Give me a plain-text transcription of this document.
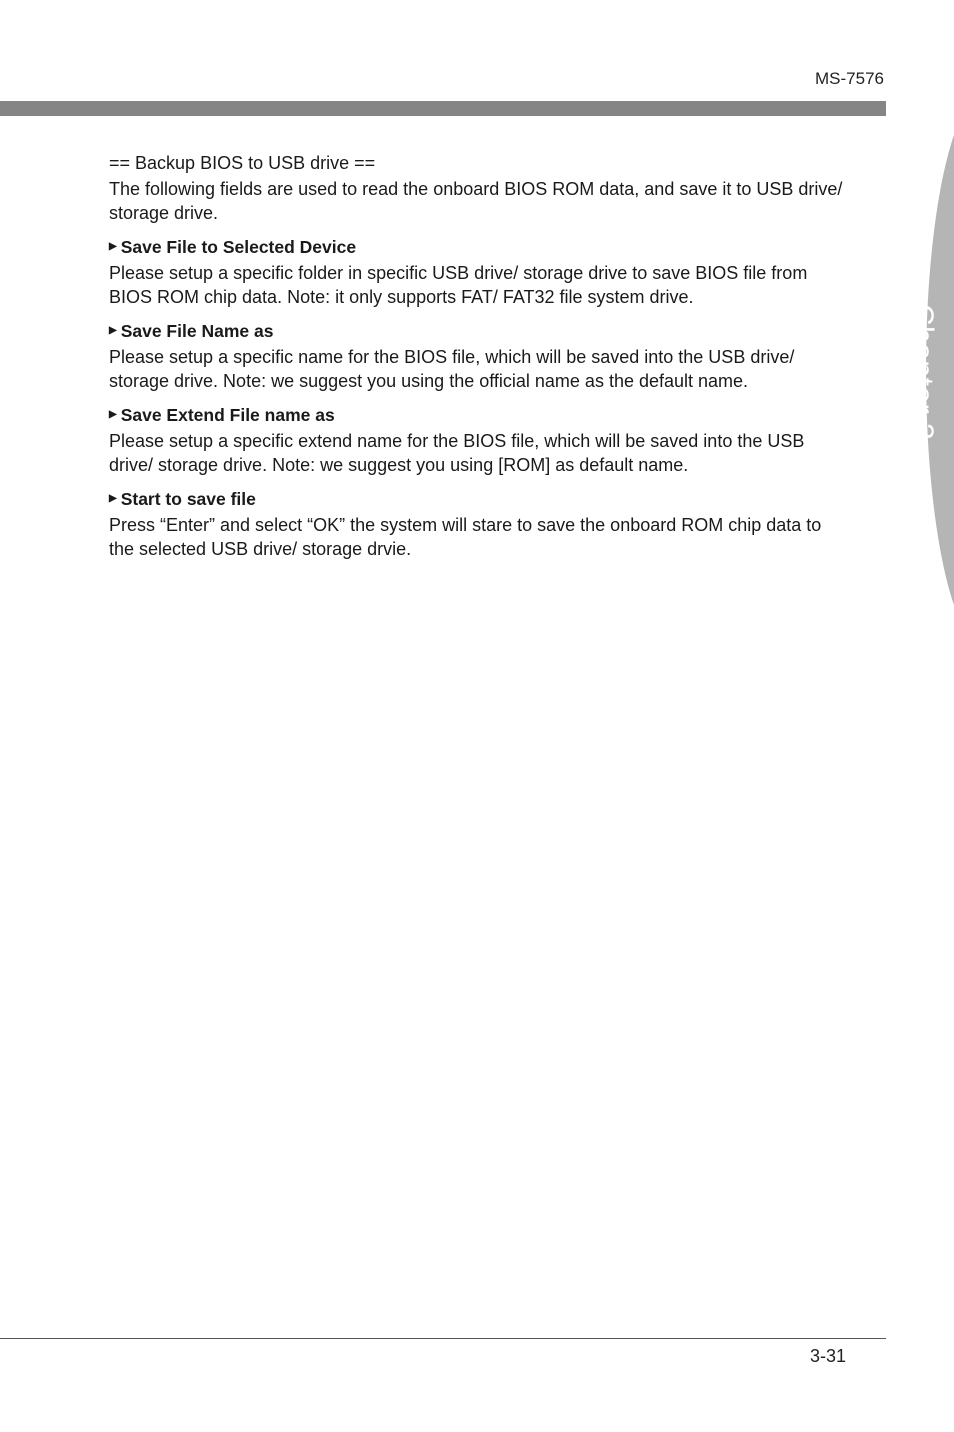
MS-7576
Chapter 3
== Backup BIOS to USB drive ==
The following fields are used to read the onboard BIOS ROM data, and save it to USB drive/ storage drive.
▶ Save File to Selected Device
Please setup a specific folder in specific USB drive/ storage drive to save BIOS file from BIOS ROM chip data. Note: it only supports FAT/ FAT32 file system drive.
▶ Save File Name as
Please setup a specific name for the BIOS file, which will be saved into the USB drive/ storage drive. Note: we suggest you using the official name as the default name.
▶ Save Extend File name as
Please setup a specific extend name for the BIOS file, which will be saved into the USB drive/ storage drive. Note: we suggest you using [ROM] as default name.
▶ Start to save file
Press “Enter” and select “OK” the system will stare to save the onboard ROM chip data to the selected USB drive/ storage drvie.
3-31
